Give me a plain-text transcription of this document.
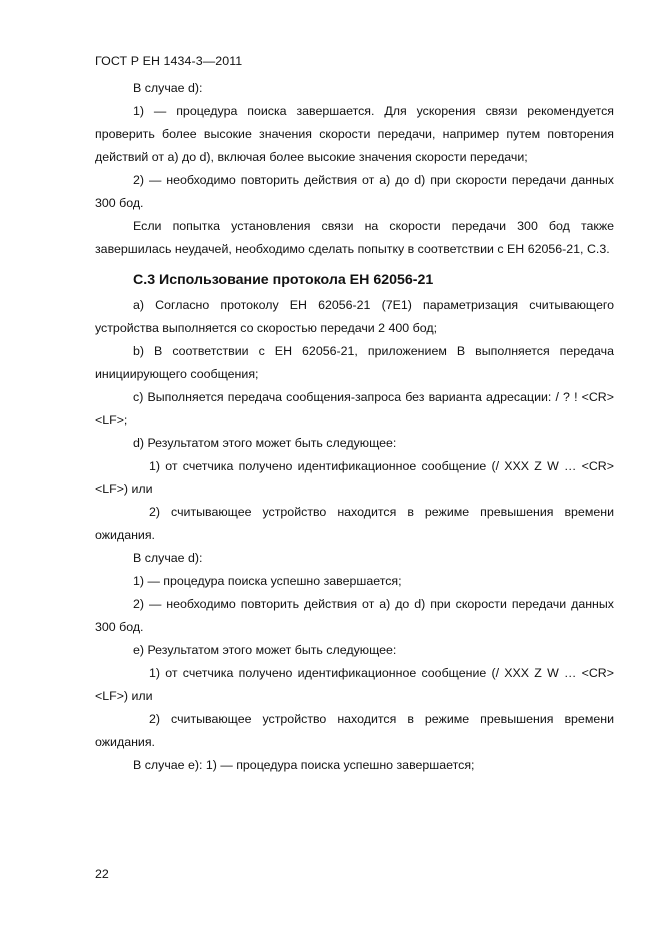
ГОСТ Р ЕН 1434-3—2011

В случае d):

1) — процедура поиска завершается. Для ускорения связи рекомендуется проверить более высокие значения скорости передачи, например путем повторения действий от a) до d), включая более высокие значения скорости передачи;

2) — необходимо повторить действия от a) до d) при скорости передачи данных 300 бод.

Если попытка установления связи на скорости передачи 300 бод также завершилась неудачей, необходимо сделать попытку в соответствии с ЕН 62056-21, C.3.

C.3 Использование протокола ЕН 62056-21

a) Согласно протоколу ЕН 62056-21 (7E1) параметризация считывающего устройства выполняется со скоростью передачи 2 400 бод;

b) В соответствии с ЕН 62056-21, приложением В выполняется передача инициирующего сообщения;

c) Выполняется передача сообщения-запроса без варианта адресации: / ? ! <CR> <LF>;

d) Результатом этого может быть следующее:

1) от счетчика получено идентификационное сообщение (/ XXX Z W … <CR> <LF>) или

2) считывающее устройство находится в режиме превышения времени ожидания.

В случае d):

1) — процедура поиска успешно завершается;

2) — необходимо повторить действия от a) до d) при скорости передачи данных 300 бод.

e) Результатом этого может быть следующее:

1) от счетчика получено идентификационное сообщение (/ XXX Z W … <CR> <LF>) или

2) считывающее устройство находится в режиме превышения времени ожидания.

В случае e): 1) — процедура поиска успешно завершается;

22
